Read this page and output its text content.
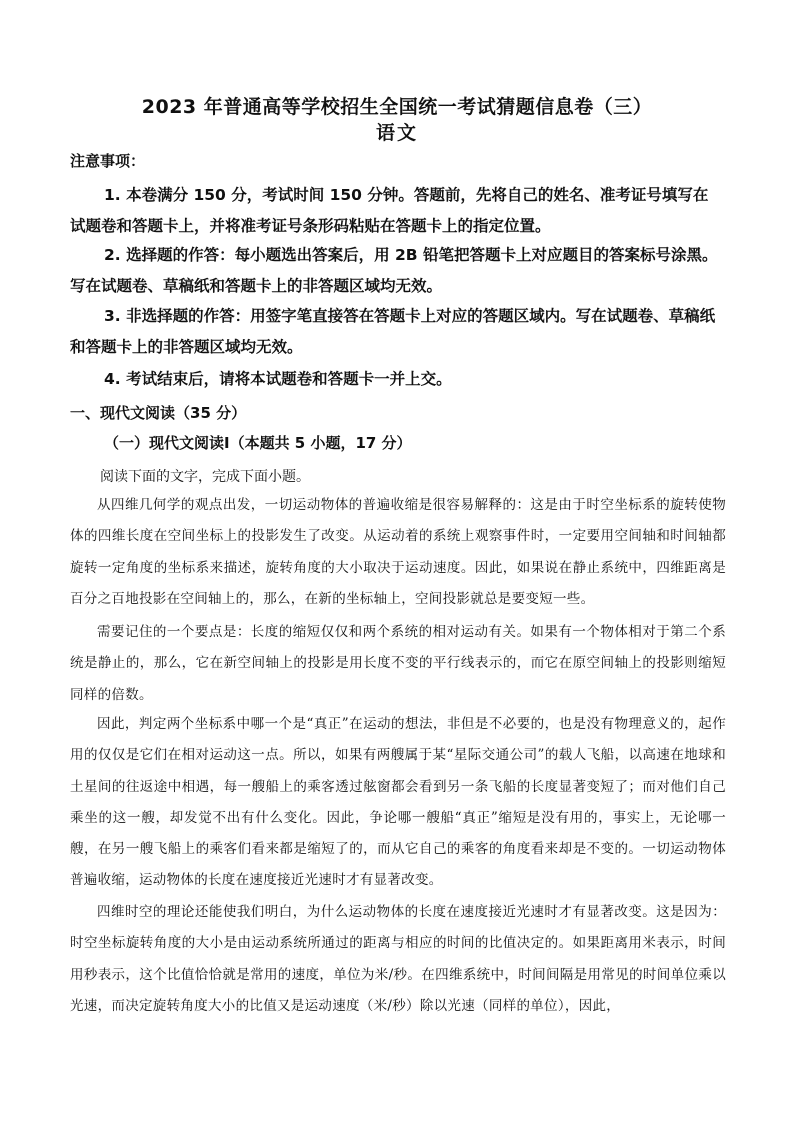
2023 年普通高等学校招生全国统一考试猜题信息卷（三）
语文
注意事项：

1. 本卷满分 150 分，考试时间 150 分钟。答题前，先将自己的姓名、准考证号填写在试题卷和答题卡上，并将准考证号条形码粘贴在答题卡上的指定位置。

2. 选择题的作答：每小题选出答案后，用 2B 铅笔把答题卡上对应题目的答案标号涂黑。写在试题卷、草稿纸和答题卡上的非答题区域均无效。

3. 非选择题的作答：用签字笔直接答在答题卡上对应的答题区域内。写在试题卷、草稿纸和答题卡上的非答题区域均无效。

4. 考试结束后，请将本试题卷和答题卡一并上交。

一、现代文阅读（35 分）
（一）现代文阅读Ⅰ（本题共 5 小题，17 分）
阅读下面的文字，完成下面小题。

从四维几何学的观点出发，一切运动物体的普遍收缩是很容易解释的：这是由于时空坐标系的旋转使物体的四维长度在空间坐标上的投影发生了改变。从运动着的系统上观察事件时，一定要用空间轴和时间轴都旋转一定角度的坐标系来描述，旋转角度的大小取决于运动速度。因此，如果说在静止系统中，四维距离是百分之百地投影在空间轴上的，那么，在新的坐标轴上，空间投影就总是要变短一些。

需要记住的一个要点是：长度的缩短仅仅和两个系统的相对运动有关。如果有一个物体相对于第二个系统是静止的，那么，它在新空间轴上的投影是用长度不变的平行线表示的，而它在原空间轴上的投影则缩短同样的倍数。

因此，判定两个坐标系中哪一个是“真正”在运动的想法，非但是不必要的，也是没有物理意义的，起作用的仅仅是它们在相对运动这一点。所以，如果有两艘属于某“星际交通公司”的载人飞船，以高速在地球和土星间的往返途中相遇，每一艘船上的乘客透过舷窗都会看到另一条飞船的长度显著变短了；而对他们自己乘坐的这一艘，却发觉不出有什么变化。因此，争论哪一艘船“真正”缩短是没有用的，事实上，无论哪一艘，在另一艘飞船上的乘客们看来都是缩短了的，而从它自己的乘客的角度看来却是不变的。一切运动物体普遍收缩，运动物体的长度在速度接近光速时才有显著改变。

四维时空的理论还能使我们明白，为什么运动物体的长度在速度接近光速时才有显著改变。这是因为：时空坐标旋转角度的大小是由运动系统所通过的距离与相应的时间的比值决定的。如果距离用米表示，时间用秒表示，这个比值恰恰就是常用的速度，单位为米/秒。在四维系统中，时间间隔是用常见的时间单位乘以光速，而决定旋转角度大小的比值又是运动速度（米/秒）除以光速（同样的单位），因此，
